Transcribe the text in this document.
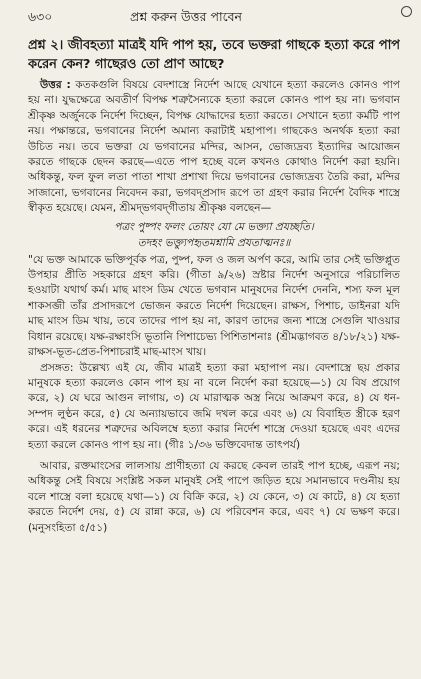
৬৩০	প্রশ্ন করুন উত্তর পাবেন

প্রশ্ন ২। জীবহত্যা মাত্রই যদি পাপ হয়, তবে ভক্তরা গাছকে হত্যা করে পাপ করেন কেন? গাছেরও তো প্রাণ আছে?

উত্তর : কতকগুলি বিষয়ে বেদশাস্ত্রে নির্দেশ আছে যেখানে হত্যা করলেও কোনও পাপ হয় না। যুদ্ধক্ষেত্রে অবতীর্ণ বিপক্ষ শত্রুসৈন্যকে হত্যা করলে কোনও পাপ হয় না। ভগবান শ্রীকৃষ্ণ অর্জুনকে নির্দেশ দিচ্ছেন, বিপক্ষ যোদ্ধাদের হত্যা করতে। সেখানে হত্যা কর্মটি পাপ নয়। পক্ষান্তরে, ভগবানের নির্দেশ অমান্য করাটাই মহাপাপ। গাছকেও অনর্থক হত্যা করা উচিত নয়। তবে ভক্তরা যে ভগবানের মন্দির, আসন, ভোজ্যদ্রব্য ইত্যাদির আয়োজন করতে গাছকে ছেদন করছে—এতে পাপ হচ্ছে বলে কখনও কোথাও নির্দেশ করা হয়নি। অধিকন্তু, ফল ফুল লতা পাতা শাখা প্রশাখা দিয়ে ভগবানের ভোজ্যদ্রব্য তৈরি করা, মন্দির সাজানো, ভগবানের নিবেদন করা, ভগবদ্প্রসাদ রূপে তা গ্রহণ করার নির্দেশ বৈদিক শাস্ত্রে স্বীকৃত হয়েছে। যেমন, শ্রীমদ্‌ভগবদ্‌গীতায় শ্রীকৃষ্ণ বলছেন—

পত্রং পুষ্পং ফলং তোয়ং যো মে ভক্ত্যা প্রযচ্ছতি।
তদহং ভক্ত্যুপহৃতমশ্নামি প্রযতাত্মনঃ॥

"যে ভক্ত আমাকে ভক্তিপূর্বক পত্র, পুষ্প, ফল ও জল অর্পণ করে, আমি তার সেই ভক্তিপ্লুত উপহার প্রীতি সহকারে গ্রহণ করি। (গীতা ৯/২৬) স্রষ্টার নির্দেশ অনুসারে পরিচালিত হওয়াটা যথার্থ কর্ম। মাছ মাংস ডিম খেতে ভগবান মানুষদের নির্দেশ দেননি, শস্য ফল মূল শাকসব্জী তাঁর প্রসাদরূপে ভোজন করতে নির্দেশ দিয়েছেন। রাক্ষস, পিশাচ, ডাইনরা যদি মাছ মাংস ডিম খায়, তবে তাদের পাপ হয় না, কারণ তাদের জন্য শাস্ত্রে সেগুলি খাওয়ার বিধান রয়েছে। যক্ষ-রক্ষাংসি ভূতানি পিশাচেভ্য পিশিতাশনাঃ (শ্রীমদ্ভাগবত ৪/১৮/২১) যক্ষ-রাক্ষস-ভূত-প্রেত-পিশাচরাই মাছ-মাংস খায়।

প্রসঙ্গত: উল্লেখ্য এই যে, জীব মাত্রই হত্যা করা মহাপাপ নয়। বেদশাস্ত্রে ছয় প্রকার মানুষকে হত্যা করলেও কোন পাপ হয় না বলে নির্দেশ করা হয়েছে—১) যে বিষ প্রয়োগ করে, ২) যে ঘরে আগুন লাগায়, ৩) যে মারাত্মক অস্ত্র নিয়ে আক্রমণ করে, ৪) যে ধন-সম্পদ লুণ্ঠন করে, ৫) যে অন্যায়ভাবে জমি দখল করে এবং ৬) যে বিবাহিত স্ত্রীকে হরণ করে। এই ধরনের শত্রুদের অবিলম্বে হত্যা করার নির্দেশ শাস্ত্রে দেওয়া হয়েছে এবং এদের হত্যা করলে কোনও পাপ হয় না। (গীঃ ১/৩৬ ভক্তিবেদান্ত তাৎপর্য)

আবার, রক্তমাংসের লালসায় প্রাণীহত্যা যে করছে কেবল তারই পাপ হচ্ছে, এরূপ নয়; অধিকন্তু সেই বিষয়ে সংশ্লিষ্ট সকল মানুষই সেই পাপে জড়িত হয়ে সমানভাবে দণ্ডনীয় হয় বলে শাস্ত্রে বলা হয়েছে যথা—১) যে বিক্রি করে, ২) যে কেনে, ৩) যে কাটে, ৪) যে হত্যা করতে নির্দেশ দেয়, ৫) যে রান্না করে, ৬) যে পরিবেশন করে, এবং ৭) যে ভক্ষণ করে। (মনুসংহিতা ৫/৫১)
